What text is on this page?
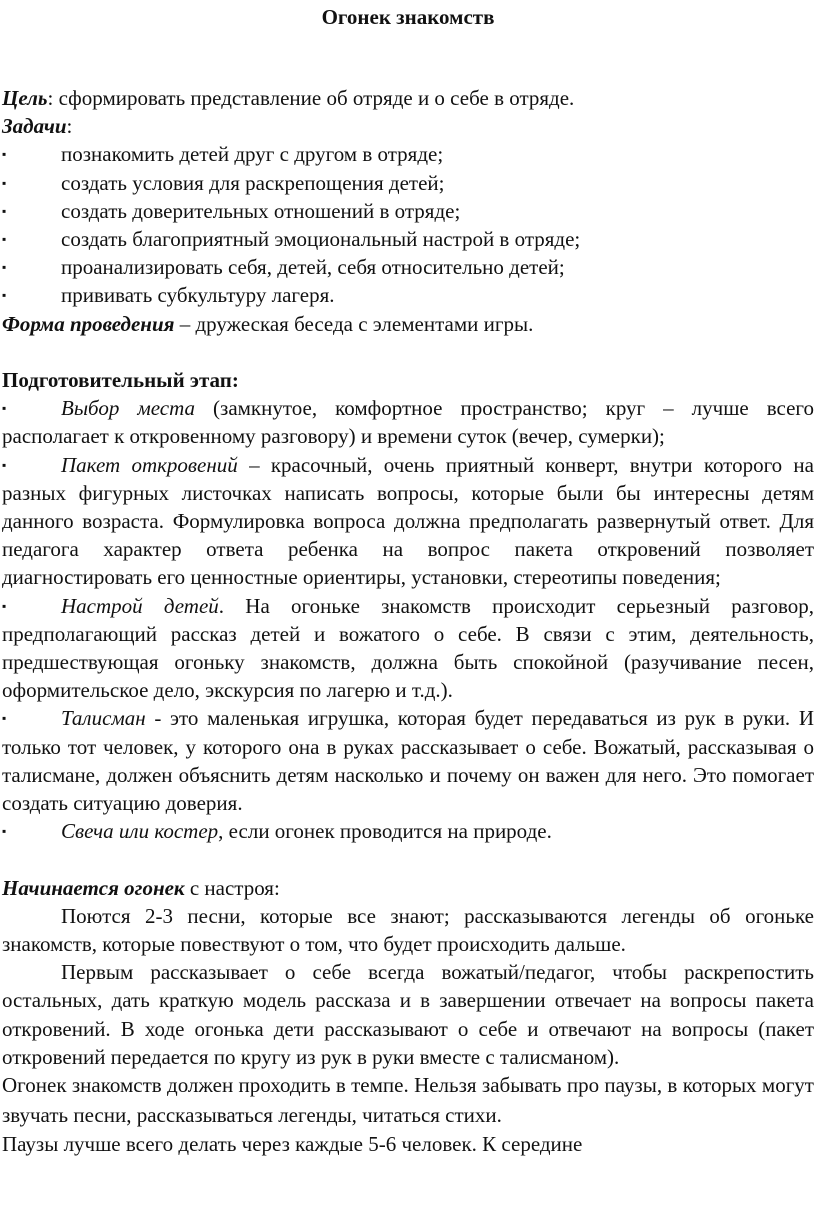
Огонек знакомств

Цель: сформировать представление об отряде и о себе в отряде.

Задачи:

▪	познакомить детей друг с другом в отряде;
▪	создать условия для раскрепощения детей;
▪	создать доверительных отношений в отряде;
▪	создать благоприятный эмоциональный настрой в отряде;
▪	проанализировать себя, детей, себя относительно детей;
▪	прививать субкультуру лагеря.

Форма проведения – дружеская беседа с элементами игры.

Подготовительный этап:

▪	Выбор места (замкнутое, комфортное пространство; круг – лучше всего располагает к откровенному разговору) и времени суток (вечер, сумерки);

▪	Пакет откровений – красочный, очень приятный конверт, внутри которого на разных фигурных листочках написать вопросы, которые были бы интересны детям данного возраста. Формулировка вопроса должна предполагать развернутый ответ. Для педагога характер ответа ребенка на вопрос пакета откровений позволяет диагностировать его ценностные ориентиры, установки, стереотипы поведения;

▪	Настрой детей. На огоньке знакомств происходит серьезный разговор, предполагающий рассказ детей и вожатого о себе. В связи с этим, деятельность, предшествующая огоньку знакомств, должна быть спокойной (разучивание песен, оформительское дело, экскурсия по лагерю и т.д.).

▪	Талисман - это маленькая игрушка, которая будет передаваться из рук в руки. И только тот человек, у которого она в руках рассказывает о себе. Вожатый, рассказывая о талисмане, должен объяснить детям насколько и почему он важен для него. Это помогает создать ситуацию доверия.

▪	Свеча или костер, если огонек проводится на природе.

Начинается огонек с настроя:

Поются 2-3 песни, которые все знают; рассказываются легенды об огоньке знакомств, которые повествуют о том, что будет происходить дальше.

Первым рассказывает о себе всегда вожатый/педагог, чтобы раскрепостить остальных, дать краткую модель рассказа и в завершении отвечает на вопросы пакета откровений. В ходе огонька дети рассказывают о себе и отвечают на вопросы (пакет откровений передается по кругу из рук в руки вместе с талисманом).

Огонек знакомств должен проходить в темпе. Нельзя забывать про паузы, в которых могут звучать песни, рассказываться легенды, читаться стихи.

Паузы лучше всего делать через каждые 5-6 человек. К середине
